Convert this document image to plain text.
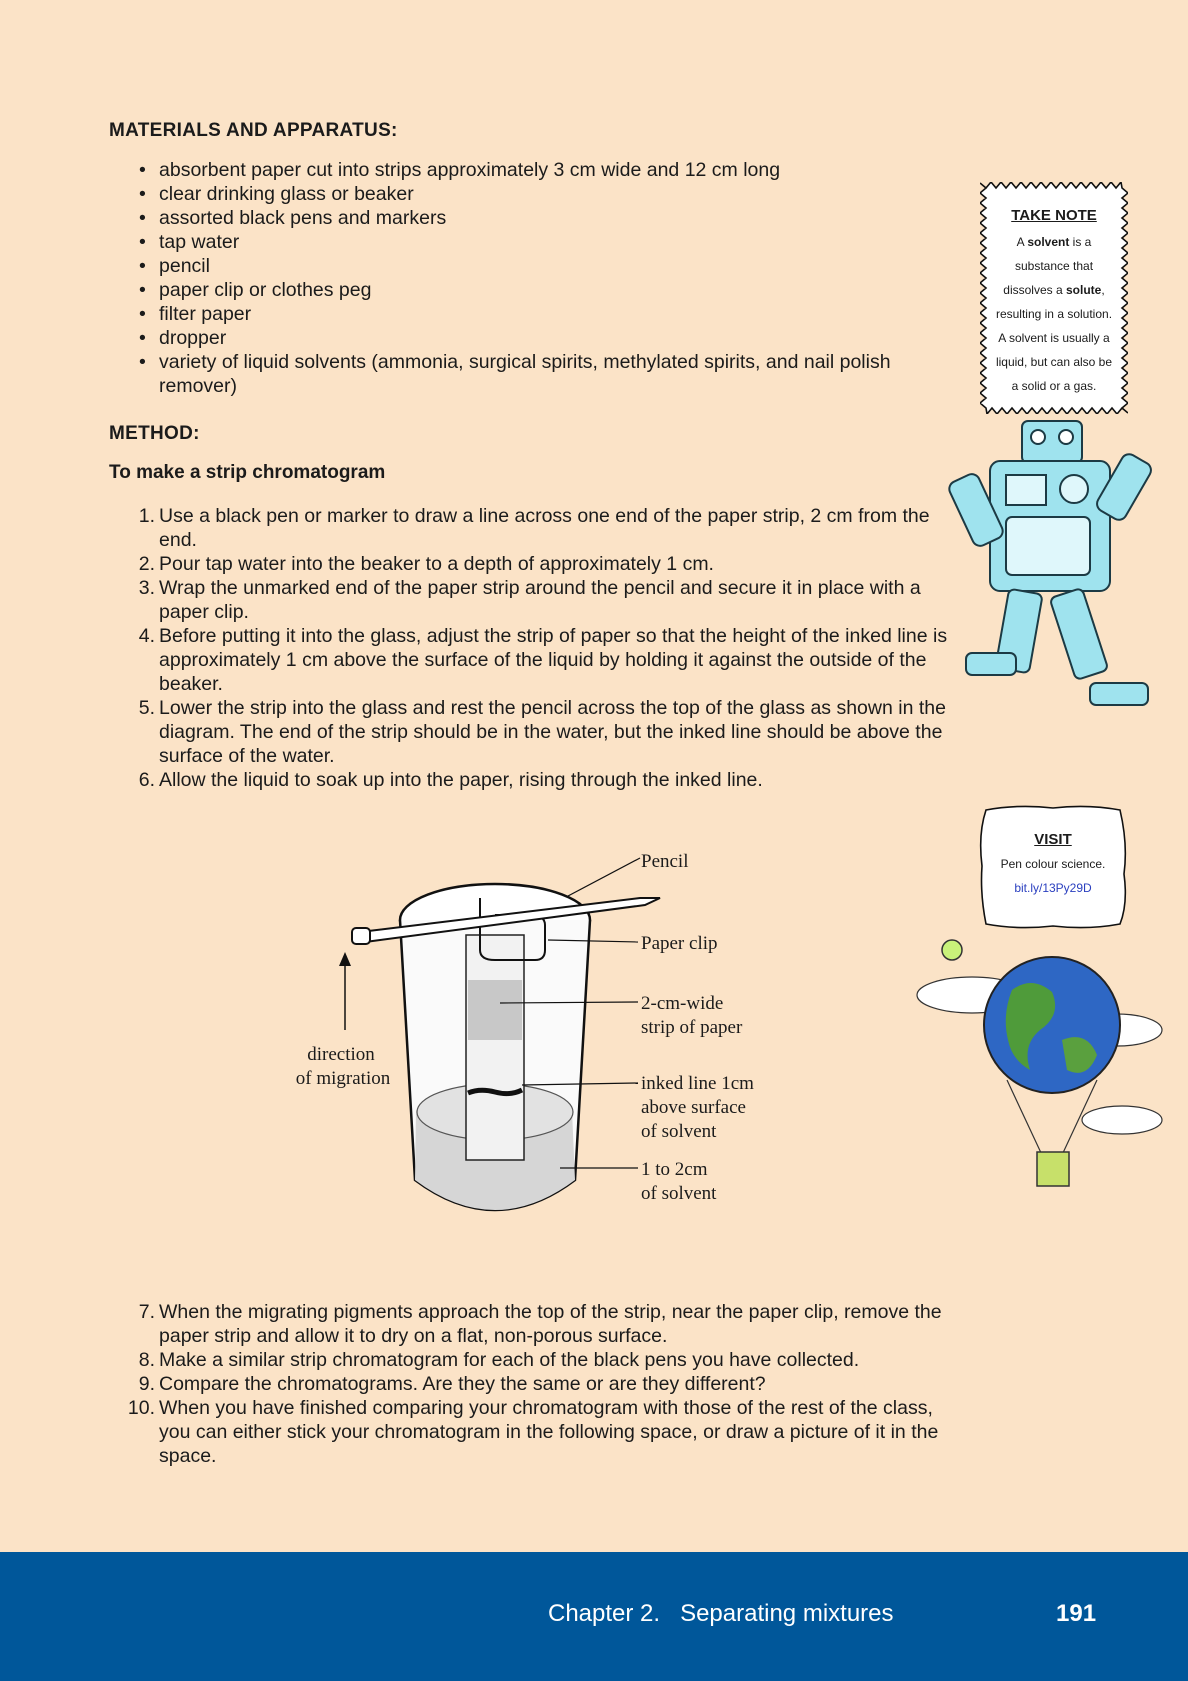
MATERIALS AND APPARATUS:
• absorbent paper cut into strips approximately 3 cm wide and 12 cm long
• clear drinking glass or beaker
• assorted black pens and markers
• tap water
• pencil
• paper clip or clothes peg
• filter paper
• dropper
• variety of liquid solvents (ammonia, surgical spirits, methylated spirits, and nail polish remover)
METHOD:
To make a strip chromatogram
1. Use a black pen or marker to draw a line across one end of the paper strip, 2 cm from the end.
2. Pour tap water into the beaker to a depth of approximately 1 cm.
3. Wrap the unmarked end of the paper strip around the pencil and secure it in place with a paper clip.
4. Before putting it into the glass, adjust the strip of paper so that the height of the inked line is approximately 1 cm above the surface of the liquid by holding it against the outside of the beaker.
5. Lower the strip into the glass and rest the pencil across the top of the glass as shown in the diagram. The end of the strip should be in the water, but the inked line should be above the surface of the water.
6. Allow the liquid to soak up into the paper, rising through the inked line.
Pencil
Paper clip
2-cm-wide
strip of paper
inked line 1cm
above surface
of solvent
1 to 2cm
of solvent
direction
of migration
7. When the migrating pigments approach the top of the strip, near the paper clip, remove the paper strip and allow it to dry on a flat, non-porous surface.
8. Make a similar strip chromatogram for each of the black pens you have collected.
9. Compare the chromatograms. Are they the same or are they different?
10. When you have finished comparing your chromatogram with those of the rest of the class, you can either stick your chromatogram in the following space, or draw a picture of it in the space.
TAKE NOTE
A solvent is a substance that dissolves a solute, resulting in a solution. A solvent is usually a liquid, but can also be a solid or a gas.
VISIT
Pen colour science.
bit.ly/13Py29D
Chapter 2.   Separating mixtures	191
